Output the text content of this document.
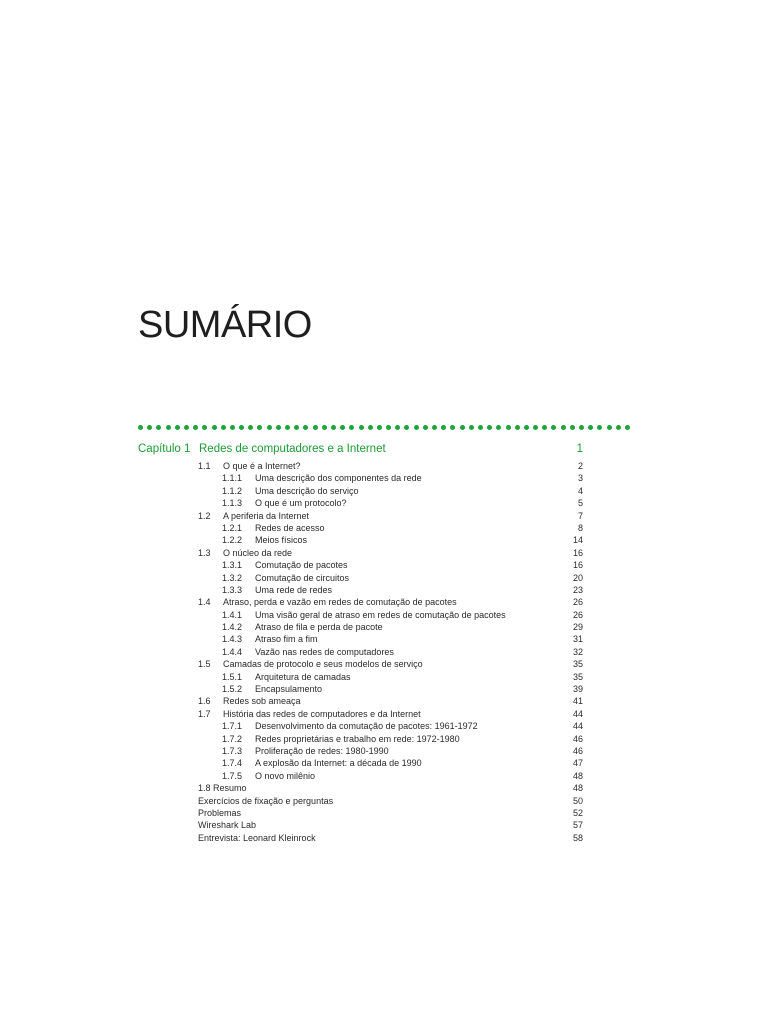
SUMÁRIO
Capítulo 1 Redes de computadores e a Internet	1
1.1 O que é a Internet?	2
1.1.1 Uma descrição dos componentes da rede	3
1.1.2 Uma descrição do serviço	4
1.1.3 O que é um protocolo?	5
1.2 A periferia da Internet	7
1.2.1 Redes de acesso	8
1.2.2 Meios físicos	14
1.3 O núcleo da rede	16
1.3.1 Comutação de pacotes	16
1.3.2 Comutação de circuitos	20
1.3.3 Uma rede de redes	23
1.4 Atraso, perda e vazão em redes de comutação de pacotes	26
1.4.1 Uma visão geral de atraso em redes de comutação de pacotes	26
1.4.2 Atraso de fila e perda de pacote	29
1.4.3 Atraso fim a fim	31
1.4.4 Vazão nas redes de computadores	32
1.5 Camadas de protocolo e seus modelos de serviço	35
1.5.1 Arquitetura de camadas	35
1.5.2 Encapsulamento	39
1.6 Redes sob ameaça	41
1.7 História das redes de computadores e da Internet	44
1.7.1 Desenvolvimento da comutação de pacotes: 1961-1972	44
1.7.2 Redes proprietárias e trabalho em rede: 1972-1980	46
1.7.3 Proliferação de redes: 1980-1990	46
1.7.4 A explosão da Internet: a década de 1990	47
1.7.5 O novo milênio	48
1.8 Resumo	48
Exercícios de fixação e perguntas	50
Problemas	52
Wireshark Lab	57
Entrevista: Leonard Kleinrock	58
